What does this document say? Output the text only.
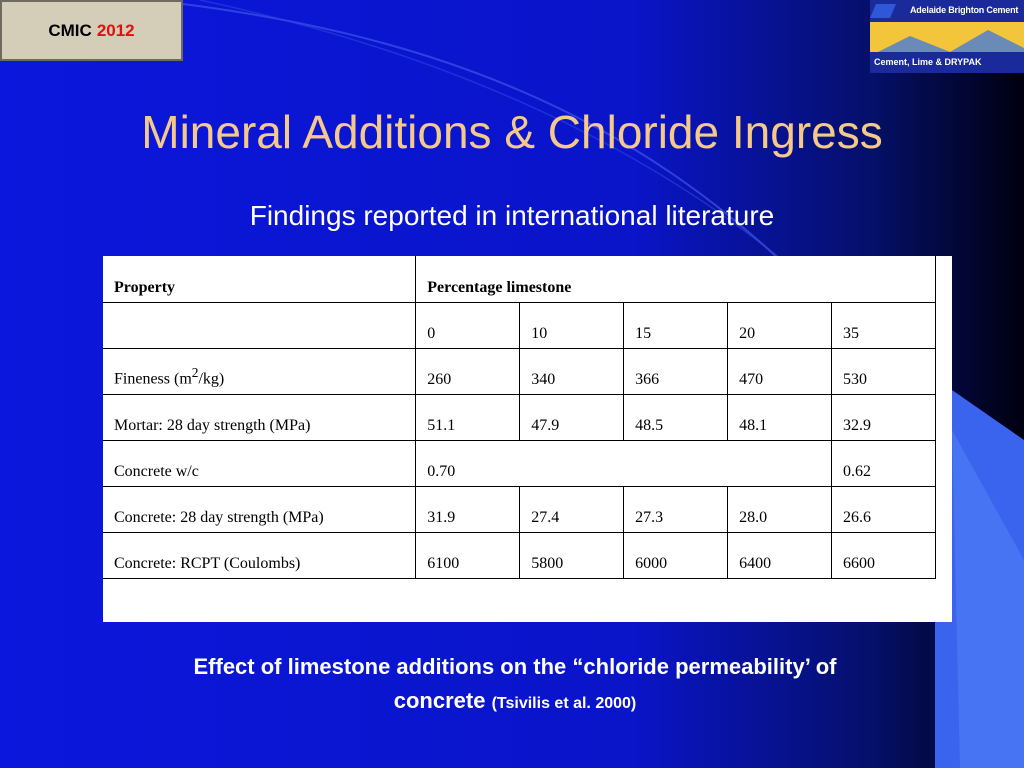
CMIC 2012
Adelaide Brighton Cement
Cement, Lime & DRYPAK
Mineral Additions & Chloride Ingress
Findings reported in international literature
Property	Percentage limestone				
	0	10	15	20	35
Fineness $(m^2/kg)$	260	340	366	470	530
Mortar: 28 day strength (MPa)	51.1	47.9	48.5	48.1	32.9
Concrete w/c	0.70				0.62
Concrete: 28 day strength (MPa)	31.9	27.4	27.3	28.0	26.6
Concrete: RCPT (Coulombs)	6100	5800	6000	6400	6600
Effect of limestone additions on the “chloride permeability’ of
concrete (Tsivilis et al. 2000)
